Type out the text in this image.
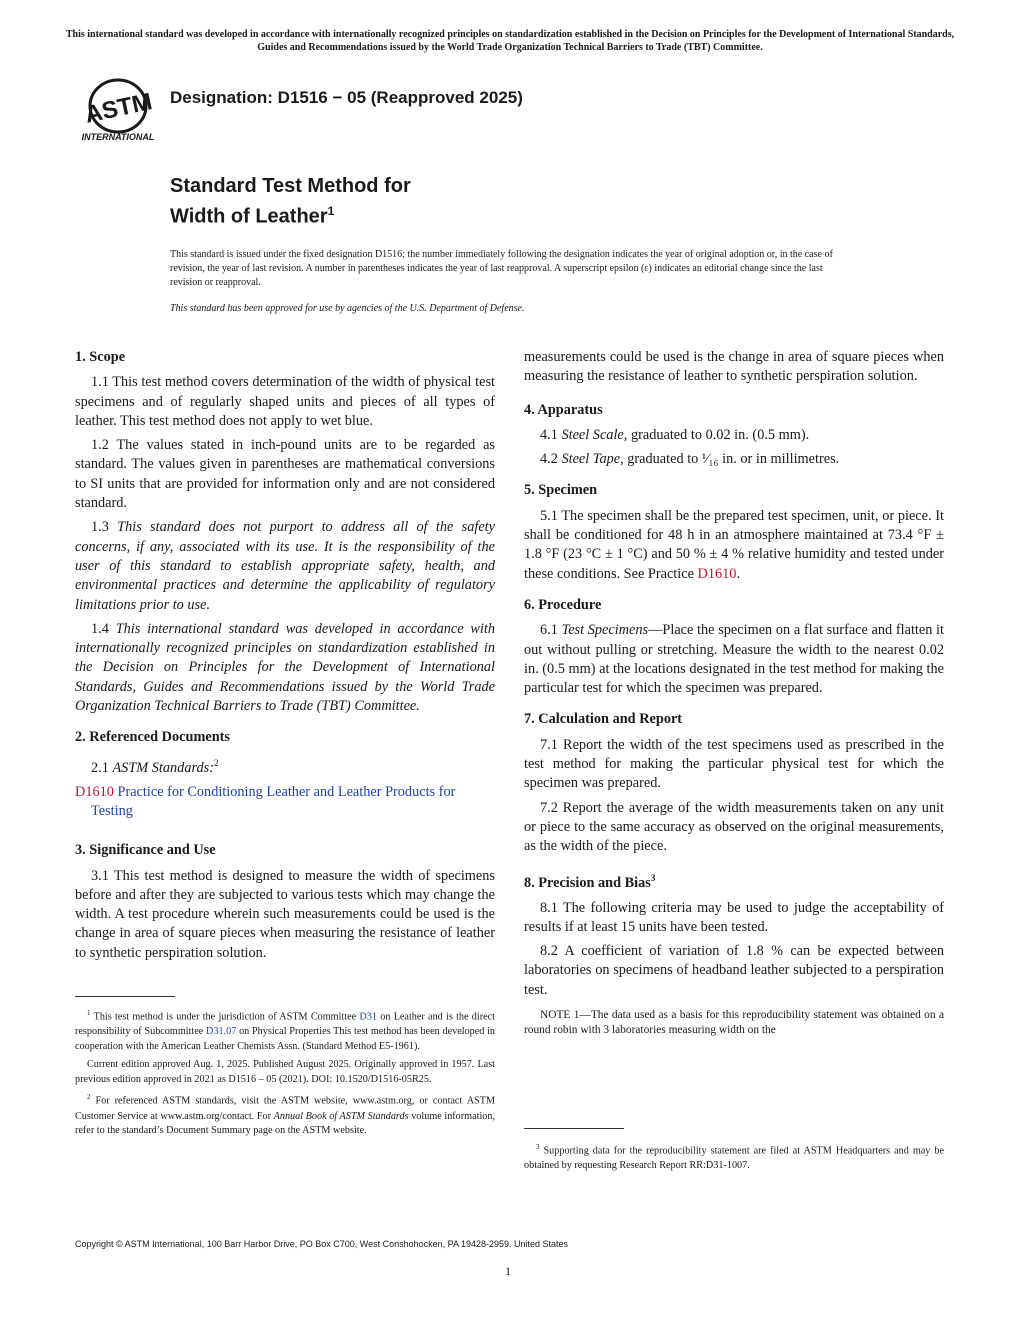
This international standard was developed in accordance with internationally recognized principles on standardization established in the Decision on Principles for the Development of International Standards, Guides and Recommendations issued by the World Trade Organization Technical Barriers to Trade (TBT) Committee.
ASTM
INTERNATIONAL
Designation: D1516 − 05 (Reapproved 2025)
Standard Test Method for
Width of Leather$^1$

This standard is issued under the fixed designation D1516; the number immediately following the designation indicates the year of original adoption or, in the case of revision, the year of last revision. A number in parentheses indicates the year of last reapproval. A superscript epsilon (ε) indicates an editorial change since the last revision or reapproval.

This standard has been approved for use by agencies of the U.S. Department of Defense.

1. Scope

1.1 This test method covers determination of the width of physical test specimens and of regularly shaped units and pieces of all types of leather. This test method does not apply to wet blue.

1.2 The values stated in inch-pound units are to be regarded as standard. The values given in parentheses are mathematical conversions to SI units that are provided for information only and are not considered standard.

1.3 This standard does not purport to address all of the safety concerns, if any, associated with its use. It is the responsibility of the user of this standard to establish appropriate safety, health, and environmental practices and determine the applicability of regulatory limitations prior to use.

1.4 This international standard was developed in accordance with internationally recognized principles on standardization established in the Decision on Principles for the Development of International Standards, Guides and Recommendations issued by the World Trade Organization Technical Barriers to Trade (TBT) Committee.

2. Referenced Documents

2.1 ASTM Standards:$^2$

D1610 Practice for Conditioning Leather and Leather Products for Testing

3. Significance and Use

3.1 This test method is designed to measure the width of specimens before and after they are subjected to various tests which may change the width. A test procedure wherein such measurements could be used is the change in area of square pieces when measuring the resistance of leather to synthetic perspiration solution.

measurements could be used is the change in area of square pieces when measuring the resistance of leather to synthetic perspiration solution.

4. Apparatus

4.1 Steel Scale, graduated to 0.02 in. (0.5 mm).

4.2 Steel Tape, graduated to ¹⁄₁₆ in. or in millimetres.

5. Specimen

5.1 The specimen shall be the prepared test specimen, unit, or piece. It shall be conditioned for 48 h in an atmosphere maintained at 73.4 °F ± 1.8 °F (23 °C ± 1 °C) and 50 % ± 4 % relative humidity and tested under these conditions. See Practice D1610.

6. Procedure

6.1 Test Specimens—Place the specimen on a flat surface and flatten it out without pulling or stretching. Measure the width to the nearest 0.02 in. (0.5 mm) at the locations designated in the test method for making the particular test for which the specimen was prepared.

7. Calculation and Report

7.1 Report the width of the test specimens used as prescribed in the test method for making the particular physical test for which the specimen was prepared.

7.2 Report the average of the width measurements taken on any unit or piece to the same accuracy as observed on the original measurements, as the width of the piece.

8. Precision and Bias$^3$

8.1 The following criteria may be used to judge the acceptability of results if at least 15 units have been tested.

8.2 A coefficient of variation of 1.8 % can be expected between laboratories on specimens of headband leather subjected to a perspiration test.

NOTE 1—The data used as a basis for this reproducibility statement was obtained on a round robin with 3 laboratories measuring width on the

$^1$ This test method is under the jurisdiction of ASTM Committee D31 on Leather and is the direct responsibility of Subcommittee D31.07 on Physical Properties This test method has been developed in cooperation with the American Leather Chemists Assn. (Standard Method E5-1961).

Current edition approved Aug. 1, 2025. Published August 2025. Originally approved in 1957. Last previous edition approved in 2021 as D1516 – 05 (2021). DOI: 10.1520/D1516-05R25.

$^2$ For referenced ASTM standards, visit the ASTM website, www.astm.org, or contact ASTM Customer Service at www.astm.org/contact. For Annual Book of ASTM Standards volume information, refer to the standard’s Document Summary page on the ASTM website.

$^3$ Supporting data for the reproducibility statement are filed at ASTM Headquarters and may be obtained by requesting Research Report RR:D31-1007.

Copyright © ASTM International, 100 Barr Harbor Drive, PO Box C700, West Conshohocken, PA 19428-2959. United States
1
